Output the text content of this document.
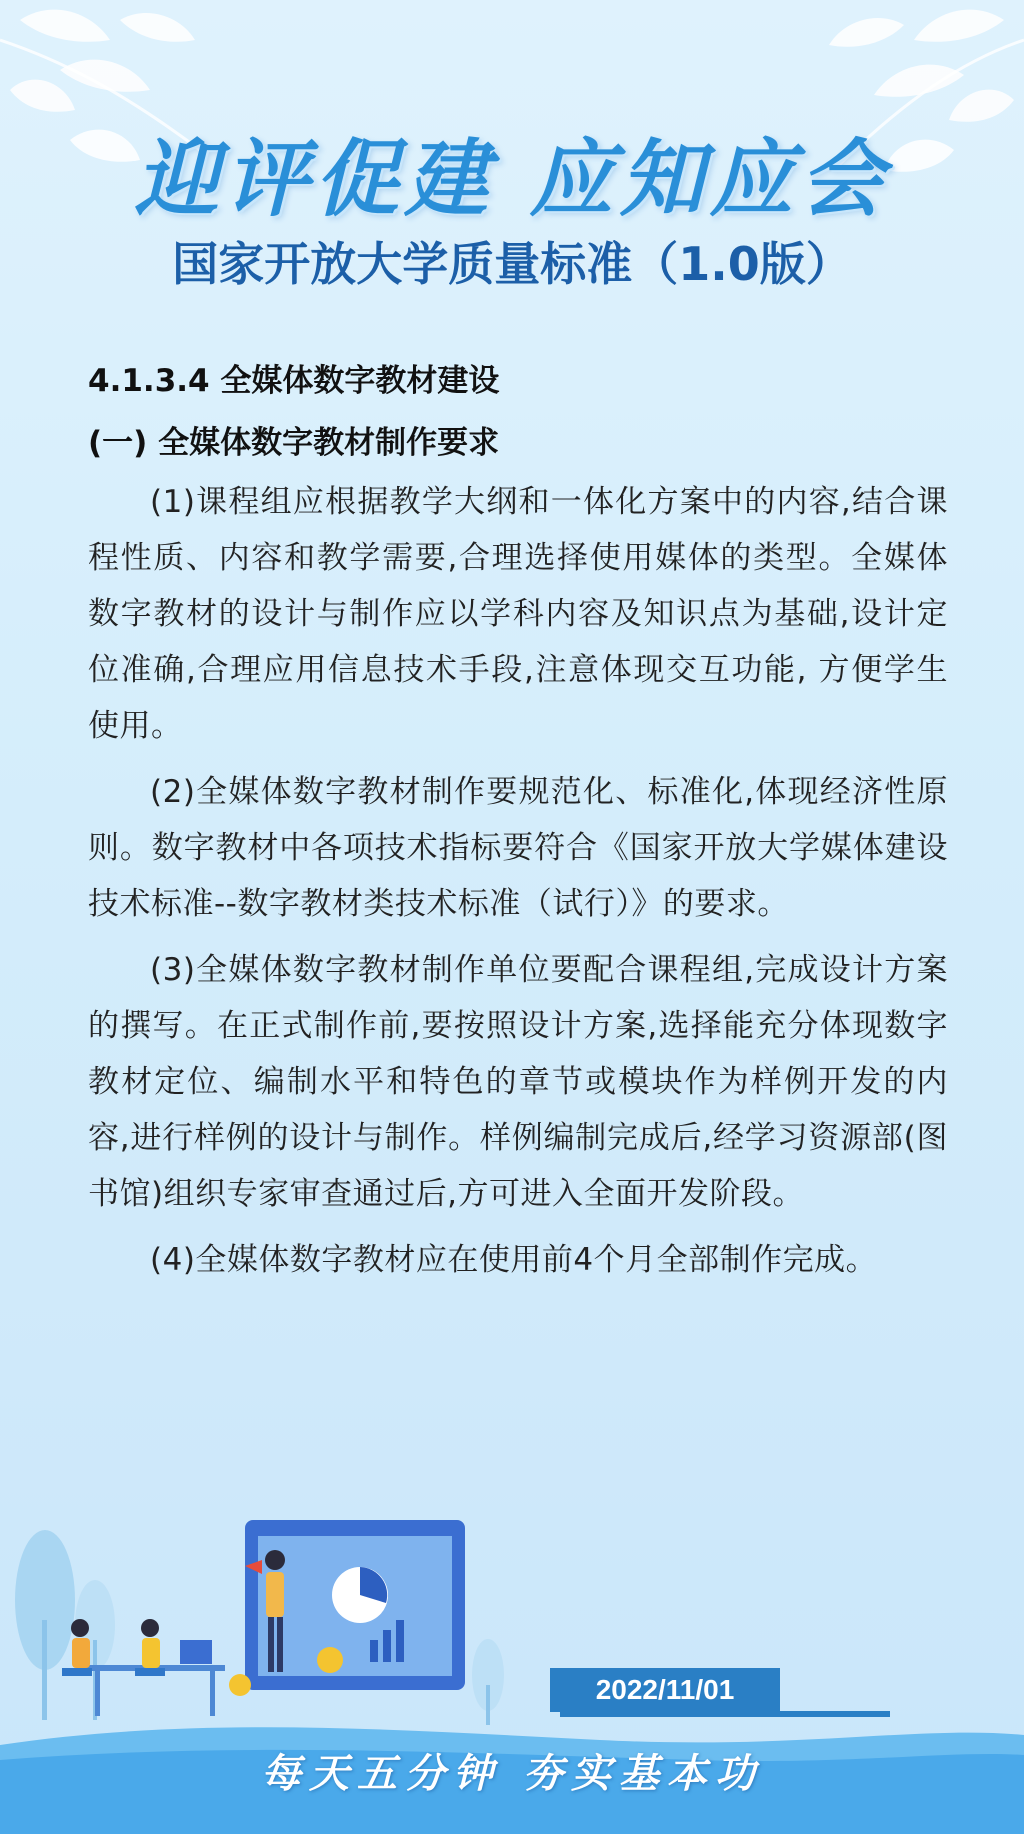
迎评促建 应知应会
国家开放大学质量标准（1.0版）

4.1.3.4 全媒体数字教材建设

(一) 全媒体数字教材制作要求

(1)课程组应根据教学大纲和一体化方案中的内容,结合课程性质、内容和教学需要,合理选择使用媒体的类型。全媒体数字教材的设计与制作应以学科内容及知识点为基础,设计定位准确,合理应用信息技术手段,注意体现交互功能, 方便学生使用。

(2)全媒体数字教材制作要规范化、标准化,体现经济性原则。数字教材中各项技术指标要符合《国家开放大学媒体建设技术标准--数字教材类技术标准（试行）》的要求。

(3)全媒体数字教材制作单位要配合课程组,完成设计方案的撰写。在正式制作前,要按照设计方案,选择能充分体现数字教材定位、编制水平和特色的章节或模块作为样例开发的内容,进行样例的设计与制作。样例编制完成后,经学习资源部(图书馆)组织专家审查通过后,方可进入全面开发阶段。

(4)全媒体数字教材应在使用前4个月全部制作完成。

2022/11/01
每天五分钟 夯实基本功
